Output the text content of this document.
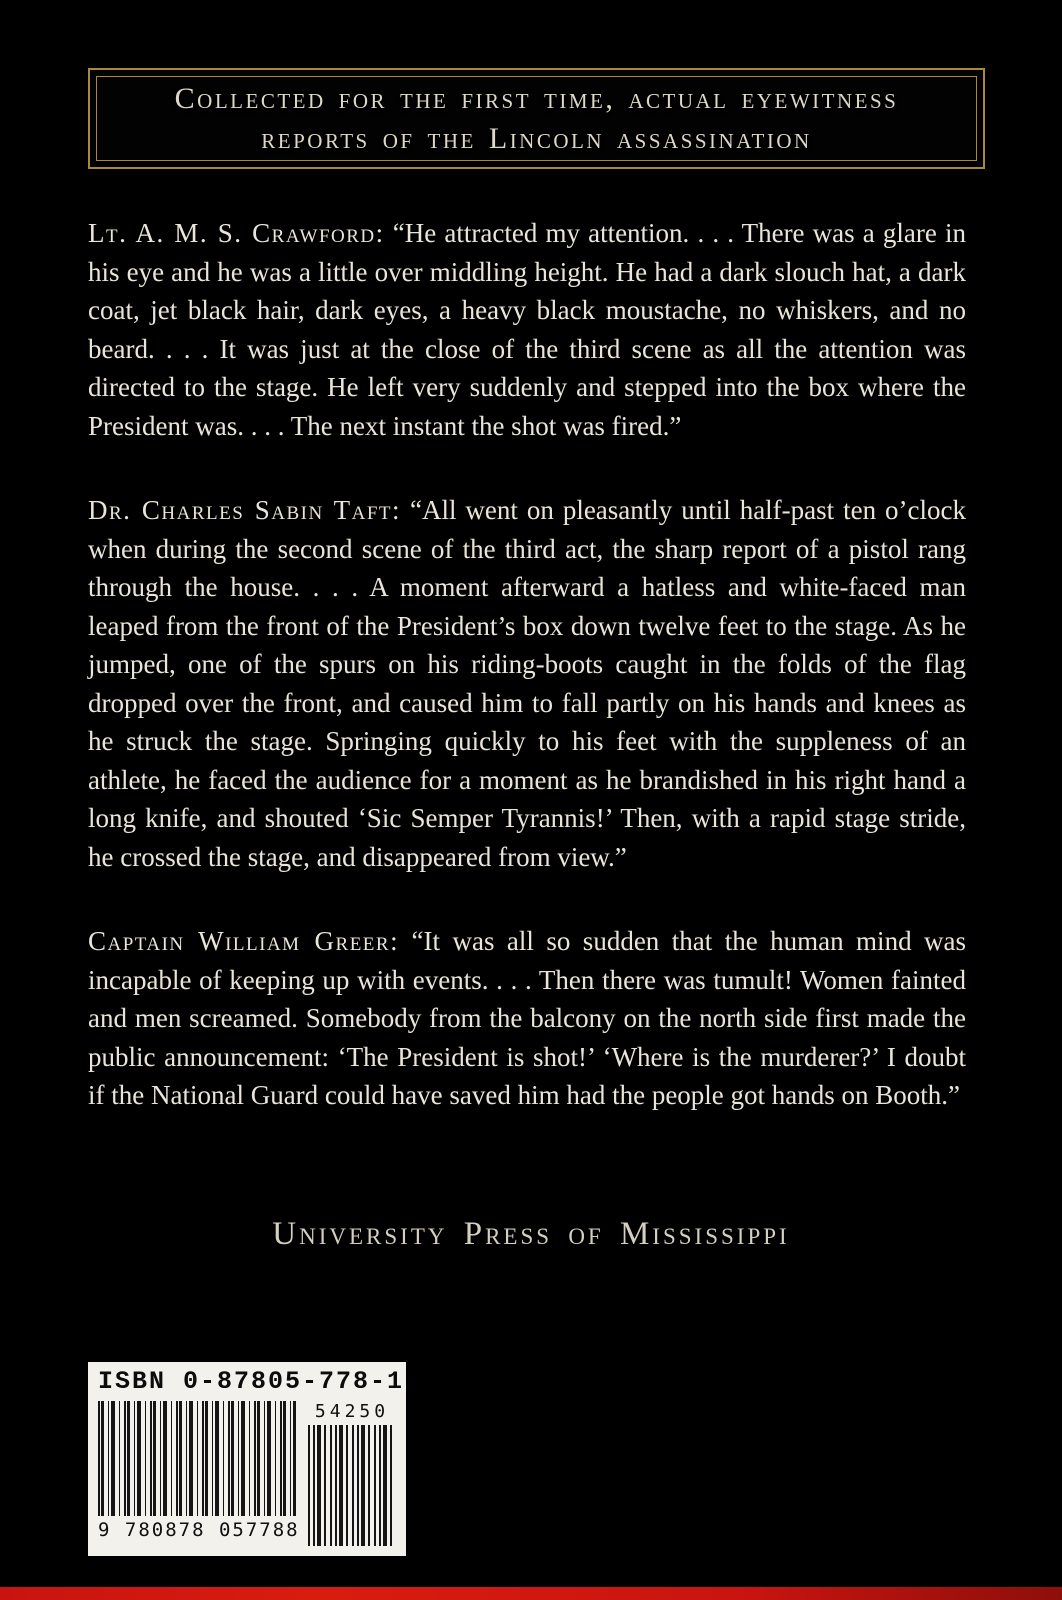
Collected for the first time, actual eyewitness reports of the Lincoln assassination

Lt. A. M. S. Crawford: “He attracted my attention. . . . There was a glare in his eye and he was a little over middling height. He had a dark slouch hat, a dark coat, jet black hair, dark eyes, a heavy black moustache, no whiskers, and no beard. . . . It was just at the close of the third scene as all the attention was directed to the stage. He left very suddenly and stepped into the box where the President was. . . . The next instant the shot was fired.”

Dr. Charles Sabin Taft: “All went on pleasantly until half-past ten o’clock when during the second scene of the third act, the sharp report of a pistol rang through the house. . . . A moment afterward a hatless and white-faced man leaped from the front of the President’s box down twelve feet to the stage. As he jumped, one of the spurs on his riding-boots caught in the folds of the flag dropped over the front, and caused him to fall partly on his hands and knees as he struck the stage. Springing quickly to his feet with the suppleness of an athlete, he faced the audience for a moment as he brandished in his right hand a long knife, and shouted ‘Sic Semper Tyrannis!’ Then, with a rapid stage stride, he crossed the stage, and disappeared from view.”

Captain William Greer: “It was all so sudden that the human mind was incapable of keeping up with events. . . . Then there was tumult! Women fainted and men screamed. Somebody from the balcony on the north side first made the public announcement: ‘The President is shot!’ ‘Where is the murderer?’ I doubt if the National Guard could have saved him had the people got hands on Booth.”

University Press of Mississippi
ISBN 0-87805-778-1
9 780878 057788
54250
